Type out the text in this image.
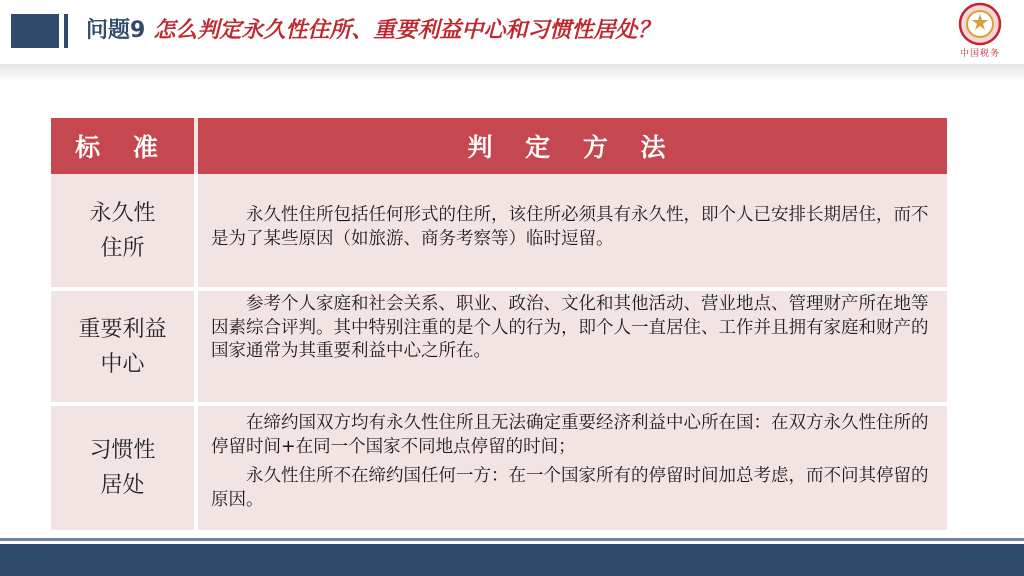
问题9 怎么判定永久性住所、重要利益中心和习惯性居处？
中国税务
标 准	判 定 方 法
永久性
住所

永久性住所包括任何形式的住所，该住所必须具有永久性，即个人已安排长期居住，而不是为了某些原因（如旅游、商务考察等）临时逗留。

重要利益
中心

参考个人家庭和社会关系、职业、政治、文化和其他活动、营业地点、管理财产所在地等因素综合评判。其中特别注重的是个人的行为，即个人一直居住、工作并且拥有家庭和财产的国家通常为其重要利益中心之所在。

习惯性
居处

在缔约国双方均有永久性住所且无法确定重要经济利益中心所在国：在双方永久性住所的停留时间+在同一个国家不同地点停留的时间；

永久性住所不在缔约国任何一方：在一个国家所有的停留时间加总考虑，而不问其停留的原因。
